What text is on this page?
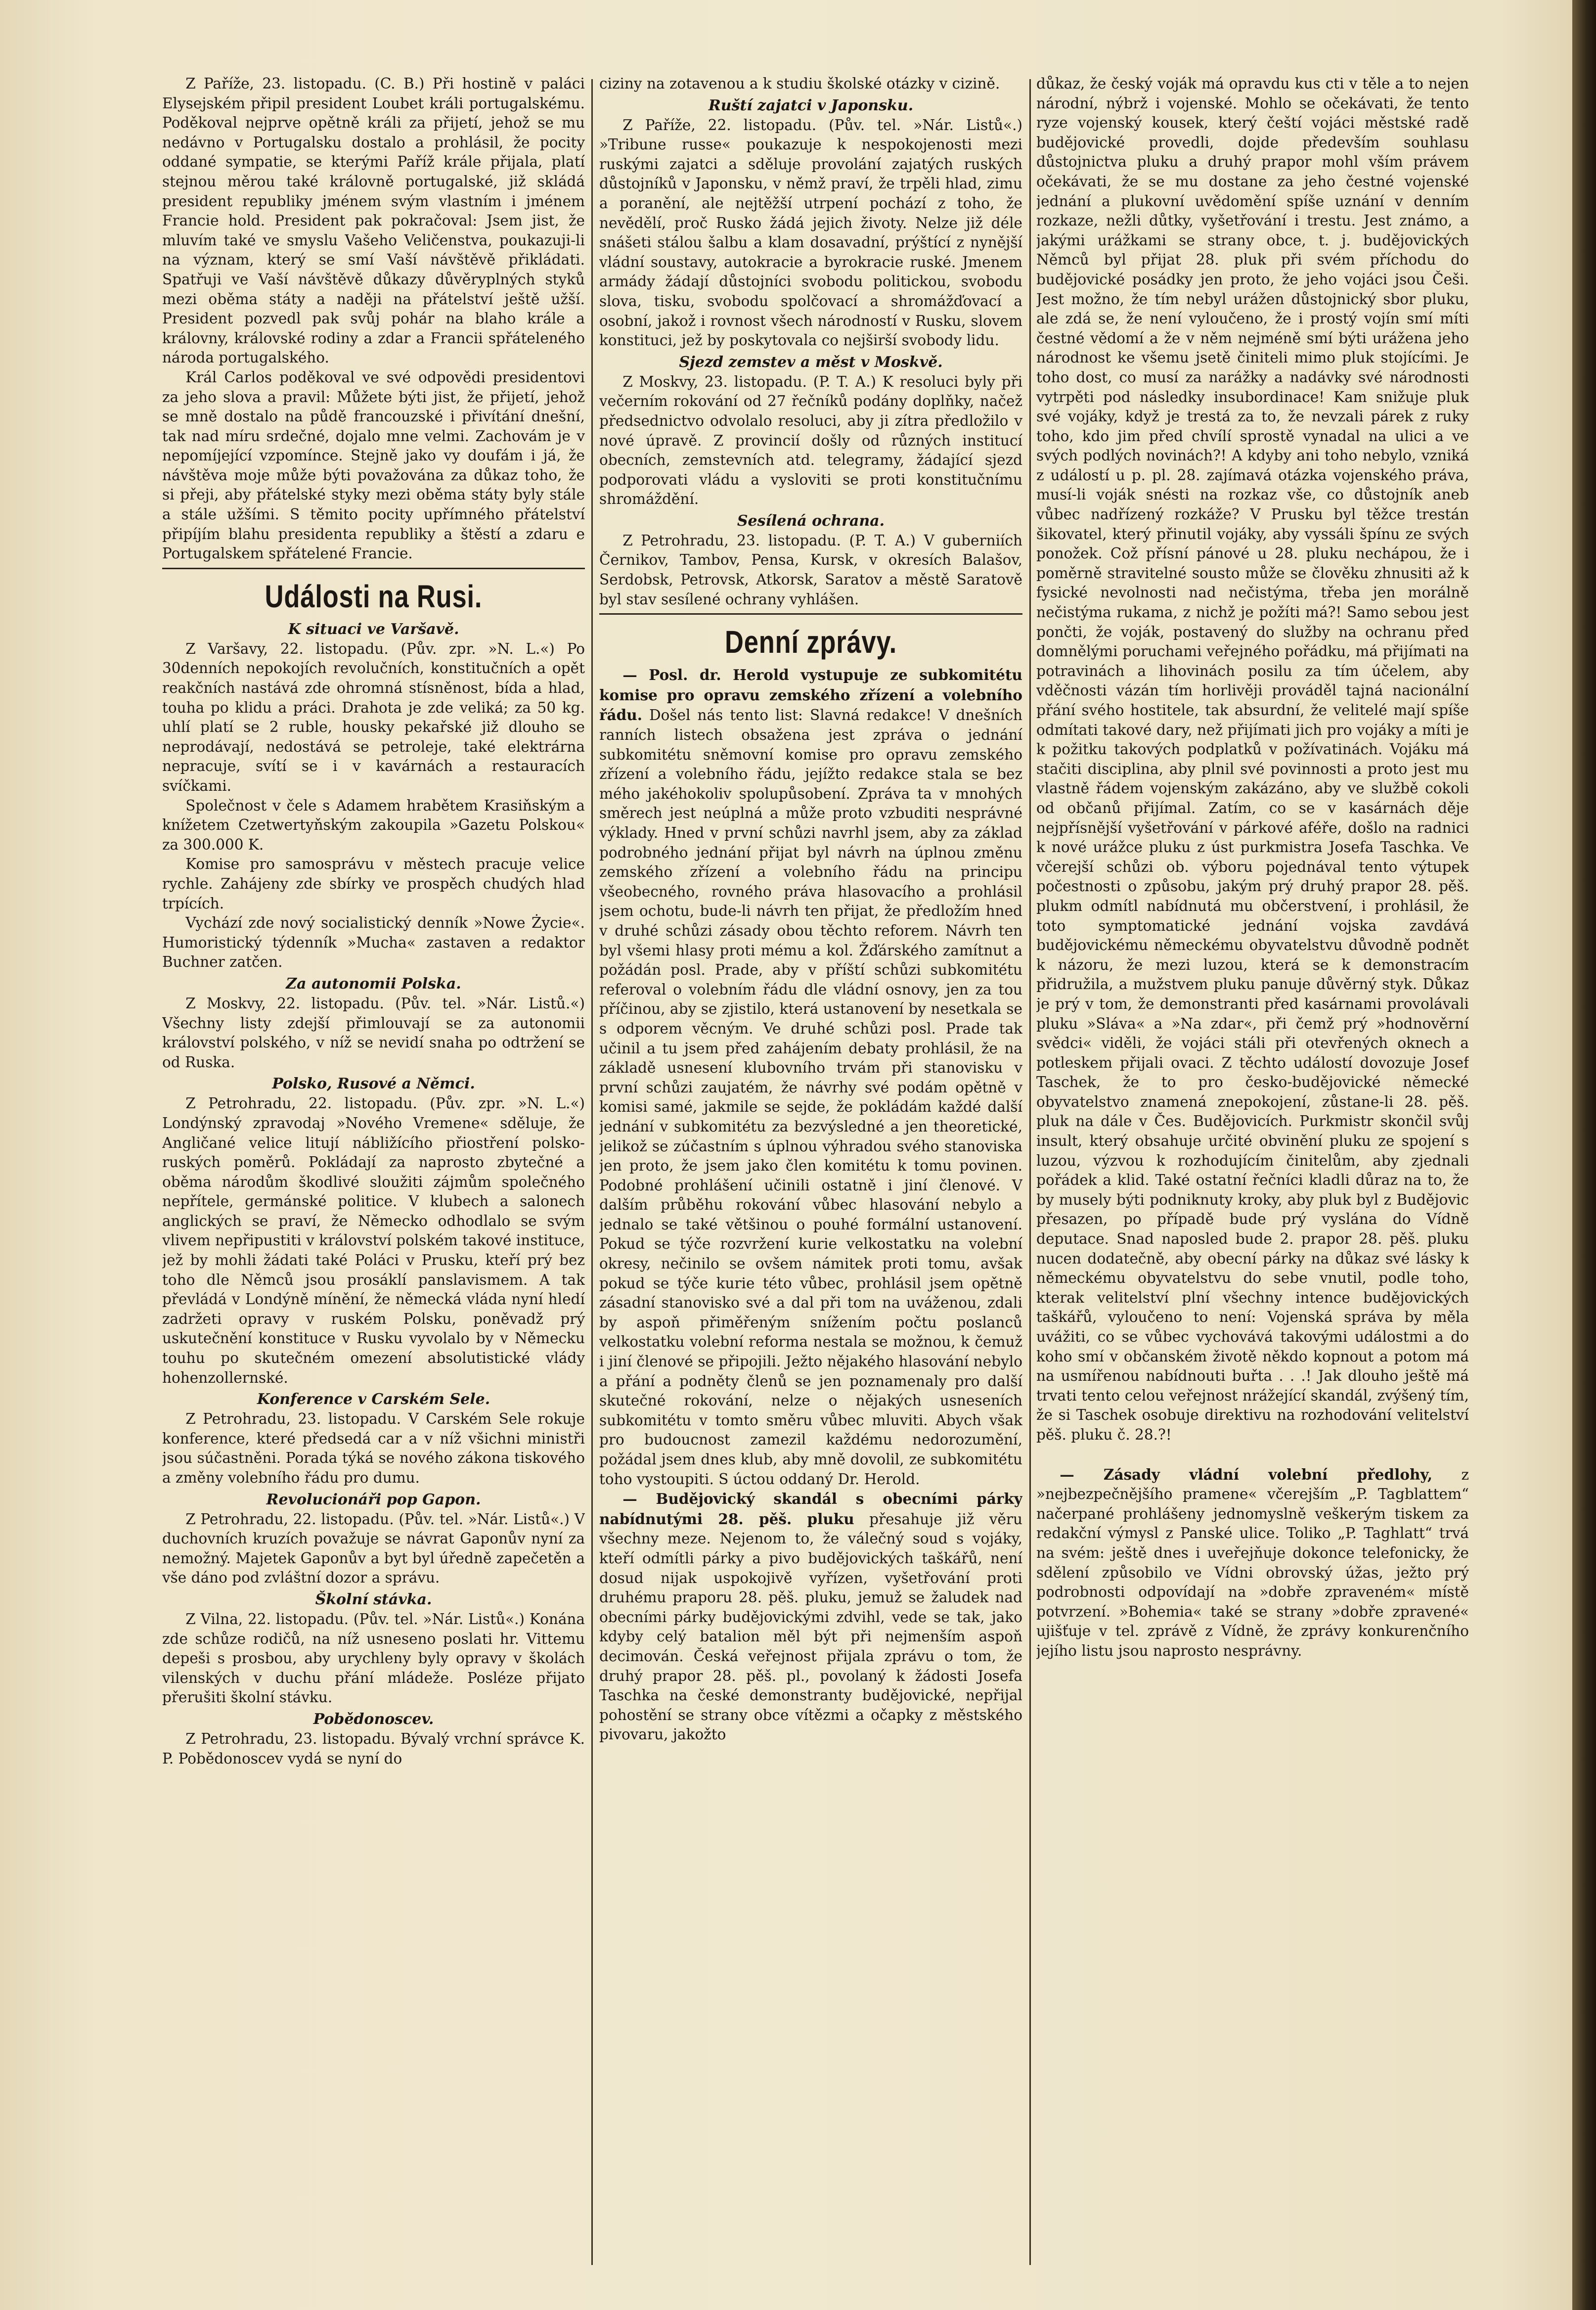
Z Paříže, 23. listopadu. (C. B.) Při hostině v paláci Elysejském připil president Loubet králi portugalskému. Poděkoval nejprve opětně králi za přijetí, jehož se mu nedávno v Portugalsku dostalo a prohlásil, že pocity oddané sympatie, se kterými Paříž krále přijala, platí stejnou měrou také královně portugalské, již skládá president republiky jménem svým vlastním i jménem Francie hold. President pak pokračoval: Jsem jist, že mluvím také ve smyslu Vašeho Veličenstva, poukazuji-li na význam, který se smí Vaší návštěvě přikládati. Spatřuji ve Vaší návštěvě důkazy důvěryplných styků mezi oběma státy a naději na přátelství ještě užší. President pozvedl pak svůj pohár na blaho krále a královny, královské rodiny a zdar a Francii spřáteleného národa portugalského.

Král Carlos poděkoval ve své odpovědi presidentovi za jeho slova a pravil: Můžete býti jist, že přijetí, jehož se mně dostalo na půdě francouzské i přivítání dnešní, tak nad míru srdečné, dojalo mne velmi. Zachovám je v nepomíjející vzpomínce. Stejně jako vy doufám i já, že návštěva moje může býti považována za důkaz toho, že si přeji, aby přátelské styky mezi oběma státy byly stále a stále užšími. S těmito pocity upřímného přátelství připíjím blahu presidenta republiky a štěstí a zdaru e Portugalskem spřátelené Francie.

Události na Rusi.
K situaci ve Varšavě.

Z Varšavy, 22. listopadu. (Pův. zpr. »N. L.«) Po 30denních nepokojích revolučních, konstitučních a opět reakčních nastává zde ohromná stísněnost, bída a hlad, touha po klidu a práci. Drahota je zde veliká; za 50 kg. uhlí platí se 2 ruble, housky pekařské již dlouho se neprodávají, nedostává se petroleje, také elektrárna nepracuje, svítí se i v kavárnách a restauracích svíčkami.

Společnost v čele s Adamem hrabětem Krasiňským a knížetem Czetwertyňským zakoupila »Gazetu Polskou« za 300.000 K.

Komise pro samosprávu v městech pracuje velice rychle. Zahájeny zde sbírky ve prospěch chudých hlad trpících.

Vychází zde nový socialistický denník »Nowe Życie«. Humoristický týdenník »Mucha« zastaven a redaktor Buchner zatčen.

Za autonomii Polska.

Z Moskvy, 22. listopadu. (Pův. tel. »Nár. Listů.«) Všechny listy zdejší přimlouvají se za autonomii království polského, v níž se nevidí snaha po odtržení se od Ruska.

Polsko, Rusové a Němci.

Z Petrohradu, 22. listopadu. (Pův. zpr. »N. L.«) Londýnský zpravodaj »Nového Vremene« sděluje, že Angličané velice litují nábližícího přiostření polsko-ruských poměrů. Pokládají za naprosto zbytečné a oběma národům škodlivé sloužiti zájmům společného nepřítele, germánské politice. V klubech a salonech anglických se praví, že Německo odhodlalo se svým vlivem nepřipustiti v království polském takové instituce, jež by mohli žádati také Poláci v Prusku, kteří prý bez toho dle Němců jsou prosáklí panslavismem. A tak převládá v Londýně mínění, že německá vláda nyní hledí zadržeti opravy v ruském Polsku, poněvadž prý uskutečnění konstituce v Rusku vyvolalo by v Německu touhu po skutečném omezení absolutistické vlády hohenzollernské.

Konference v Carském Sele.

Z Petrohradu, 23. listopadu. V Carském Sele rokuje konference, které předsedá car a v níž všichni ministři jsou súčastněni. Porada týká se nového zákona tiskového a změny volebního řádu pro dumu.

Revolucionáři pop Gapon.

Z Petrohradu, 22. listopadu. (Pův. tel. »Nár. Listů«.) V duchovních kruzích považuje se návrat Gaponův nyní za nemožný. Majetek Gaponův a byt byl úředně zapečetěn a vše dáno pod zvláštní dozor a správu.

Školní stávka.

Z Vilna, 22. listopadu. (Pův. tel. »Nár. Listů«.) Konána zde schůze rodičů, na níž usneseno poslati hr. Vittemu depeši s prosbou, aby urychleny byly opravy v školách vilenských v duchu přání mládeže. Posléze přijato přerušiti školní stávku.

Pobědonoscev.

Z Petrohradu, 23. listopadu. Bývalý vrchní správce K. P. Pobědonoscev vydá se nyní do

ciziny na zotavenou a k studiu školské otázky v cizině.

Ruští zajatci v Japonsku.

Z Paříže, 22. listopadu. (Pův. tel. »Nár. Listů«.) »Tribune russe« poukazuje k nespokojenosti mezi ruskými zajatci a sděluje provolání zajatých ruských důstojníků v Japonsku, v němž praví, že trpěli hlad, zimu a poranění, ale nejtěžší utrpení pochází z toho, že nevědělí, proč Rusko žádá jejich životy. Nelze již déle snášeti stálou šalbu a klam dosavadní, prýštící z nynější vládní soustavy, autokracie a byrokracie ruské. Jmenem armády žádají důstojníci svobodu politickou, svobodu slova, tisku, svobodu spolčovací a shromážďovací a osobní, jakož i rovnost všech národností v Rusku, slovem konstituci, jež by poskytovala co nejširší svobody lidu.

Sjezd zemstev a měst v Moskvě.

Z Moskvy, 23. listopadu. (P. T. A.) K resoluci byly při večerním rokování od 27 řečníků podány doplňky, načež předsednictvo odvolalo resoluci, aby ji zítra předložilo v nové úpravě. Z provincií došly od různých institucí obecních, zemstevních atd. telegramy, žádající sjezd podporovati vládu a vysloviti se proti konstitučnímu shromáždění.

Sesílená ochrana.

Z Petrohradu, 23. listopadu. (P. T. A.) V guberniích Černikov, Tambov, Pensa, Kursk, v okresích Balašov, Serdobsk, Petrovsk, Atkorsk, Saratov a městě Saratově byl stav sesílené ochrany vyhlášen.

Denní zprávy.

— Posl. dr. Herold vystupuje ze subkomitétu komise pro opravu zemského zřízení a volebního řádu. Došel nás tento list: Slavná redakce! V dnešních ranních listech obsažena jest zpráva o jednání subkomitétu sněmovní komise pro opravu zemského zřízení a volebního řádu, jejížto redakce stala se bez mého jakéhokoliv spolupůsobení. Zpráva ta v mnohých směrech jest neúplná a může proto vzbuditi nesprávné výklady. Hned v první schůzi navrhl jsem, aby za základ podrobného jednání přijat byl návrh na úplnou změnu zemského zřízení a volebního řádu na principu všeobecného, rovného práva hlasovacího a prohlásil jsem ochotu, bude-li návrh ten přijat, že předložím hned v druhé schůzi zásady obou těchto reforem. Návrh ten byl všemi hlasy proti mému a kol. Žďárského zamítnut a požádán posl. Prade, aby v příští schůzi subkomitétu referoval o volebním řádu dle vládní osnovy, jen za tou příčinou, aby se zjistilo, která ustanovení by nesetkala se s odporem věcným. Ve druhé schůzi posl. Prade tak učinil a tu jsem před zahájením debaty prohlásil, že na základě usnesení klubovního trvám při stanovisku v první schůzi zaujatém, že návrhy své podám opětně v komisi samé, jakmile se sejde, že pokládám každé další jednání v subkomitétu za bezvýsledné a jen theoretické, jelikož se zúčastním s úplnou výhradou svého stanoviska jen proto, že jsem jako člen komitétu k tomu povinen. Podobné prohlášení učinili ostatně i jiní členové. V dalším průběhu rokování vůbec hlasování nebylo a jednalo se také většinou o pouhé formální ustanovení. Pokud se týče rozvržení kurie velkostatku na volební okresy, nečinilo se ovšem námitek proti tomu, avšak pokud se týče kurie této vůbec, prohlásil jsem opětně zásadní stanovisko své a dal při tom na uváženou, zdali by aspoň přiměřeným snížením počtu poslanců velkostatku volební reforma nestala se možnou, k čemuž i jiní členové se připojili. Ježto nějakého hlasování nebylo a přání a podněty členů se jen poznamenaly pro další skutečné rokování, nelze o nějakých usneseních subkomitétu v tomto směru vůbec mluviti. Abych však pro budoucnost zamezil každému nedorozumění, požádal jsem dnes klub, aby mně dovolil, ze subkomitétu toho vystoupiti. S úctou oddaný Dr. Herold.

— Budějovický skandál s obecními párky nabídnutými 28. pěš. pluku přesahuje již věru všechny meze. Nejenom to, že válečný soud s vojáky, kteří odmítli párky a pivo budějovických taškářů, není dosud nijak uspokojivě vyřízen, vyšetřování proti druhému praporu 28. pěš. pluku, jemuž se žaludek nad obecními párky budějovickými zdvihl, vede se tak, jako kdyby celý batalion měl být při nejmenším aspoň decimován. Česká veřejnost přijala zprávu o tom, že druhý prapor 28. pěš. pl., povolaný k žádosti Josefa Taschka na české demonstranty budějovické, nepřijal pohostění se strany obce vítězmi a očapky z městského pivovaru, jakožto

důkaz, že český voják má opravdu kus cti v těle a to nejen národní, nýbrž i vojenské. Mohlo se očekávati, že tento ryze vojenský kousek, který čeští vojáci městské radě budějovické provedli, dojde především souhlasu důstojnictva pluku a druhý prapor mohl vším právem očekávati, že se mu dostane za jeho čestné vojenské jednání a plukovní uvědomění spíše uznání v denním rozkaze, nežli důtky, vyšetřování i trestu. Jest známo, a jakými urážkami se strany obce, t. j. budějovických Němců byl přijat 28. pluk při svém příchodu do budějovické posádky jen proto, že jeho vojáci jsou Češi. Jest možno, že tím nebyl urážen důstojnický sbor pluku, ale zdá se, že není vyloučeno, že i prostý vojín smí míti čestné vědomí a že v něm nejméně smí býti urážena jeho národnost ke všemu jsetě činiteli mimo pluk stojícími. Je toho dost, co musí za narážky a nadávky své národnosti vytrpěti pod následky insubordinace! Kam snižuje pluk své vojáky, když je trestá za to, že nevzali párek z ruky toho, kdo jim před chvílí sprostě vynadal na ulici a ve svých podlých novinách?! A kdyby ani toho nebylo, vzniká z událostí u p. pl. 28. zajímavá otázka vojenského práva, musí-li voják snésti na rozkaz vše, co důstojník aneb vůbec nadřízený rozkáže? V Prusku byl těžce trestán šikovatel, který přinutil vojáky, aby vyssáli špínu ze svých ponožek. Což přísní pánové u 28. pluku nechápou, že i poměrně stravitelné sousto může se člověku zhnusiti až k fysické nevolnosti nad nečistýma, třeba jen morálně nečistýma rukama, z nichž je požíti má?! Samo sebou jest pončti, že voják, postavený do služby na ochranu před domnělými poruchami veřejného pořádku, má přijímati na potravinách a lihovinách posilu za tím účelem, aby vděčnosti vázán tím horlivěji prováděl tajná nacionální přání svého hostitele, tak absurdní, že velitelé mají spíše odmítati takové dary, než přijímati jich pro vojáky a míti je k požitku takových podplatků v požívatinách. Vojáku má stačiti disciplina, aby plnil své povinnosti a proto jest mu vlastně řádem vojenským zakázáno, aby ve službě cokoli od občanů přijímal. Zatím, co se v kasárnách děje nejpřísnější vyšetřování v párkové aféře, došlo na radnici k nové urážce pluku z úst purkmistra Josefa Taschka. Ve včerejší schůzi ob. výboru pojednával tento výtupek počestnosti o způsobu, jakým prý druhý prapor 28. pěš. plukm odmítl nabídnutá mu občerstvení, i prohlásil, že toto symptomatické jednání vojska zavdává budějovickému německému obyvatelstvu důvodně podnět k názoru, že mezi luzou, která se k demonstracím přidružila, a mužstvem pluku panuje důvěrný styk. Důkaz je prý v tom, že demonstranti před kasárnami provolávali pluku »Sláva« a »Na zdar«, při čemž prý »hodnověrní svědci« viděli, že vojáci stáli při otevřených oknech a potleskem přijali ovaci. Z těchto událostí dovozuje Josef Taschek, že to pro česko-budějovické německé obyvatelstvo znamená znepokojení, zůstane-li 28. pěš. pluk na dále v Čes. Budějovicích. Purkmistr skončil svůj insult, který obsahuje určité obvinění pluku ze spojení s luzou, výzvou k rozhodujícím činitelům, aby zjednali pořádek a klid. Také ostatní řečníci kladli důraz na to, že by musely býti podniknuty kroky, aby pluk byl z Budějovic přesazen, po případě bude prý vyslána do Vídně deputace. Snad naposled bude 2. prapor 28. pěš. pluku nucen dodatečně, aby obecní párky na důkaz své lásky k německému obyvatelstvu do sebe vnutil, podle toho, kterak velitelství plní všechny intence budějovických taškářů, vyloučeno to není: Vojenská správa by měla uvážiti, co se vůbec vychovává takovými událostmi a do koho smí v občanském životě někdo kopnout a potom má na usmířenou nabídnouti buřta . . .! Jak dlouho ještě má trvati tento celou veřejnost nrážející skandál, zvýšený tím, že si Taschek osobuje direktivu na rozhodování velitelství pěš. pluku č. 28.?!

— Zásady vládní volební předlohy, z »nejbezpečnějšího pramene« včerejším „P. Tagblattem“ načerpané prohlášeny jednomyslně veškerým tiskem za redakční výmysl z Panské ulice. Toliko „P. Taghlatt“ trvá na svém: ještě dnes i uveřejňuje dokonce telefonicky, že sdělení způsobilo ve Vídni obrovský úžas, ježto prý podrobnosti odpovídají na »dobře zpraveném« místě potvrzení. »Bohemia« také se strany »dobře zpravené« ujišťuje v tel. zprávě z Vídně, že zprávy konkurenčního jejího listu jsou naprosto nesprávny.
